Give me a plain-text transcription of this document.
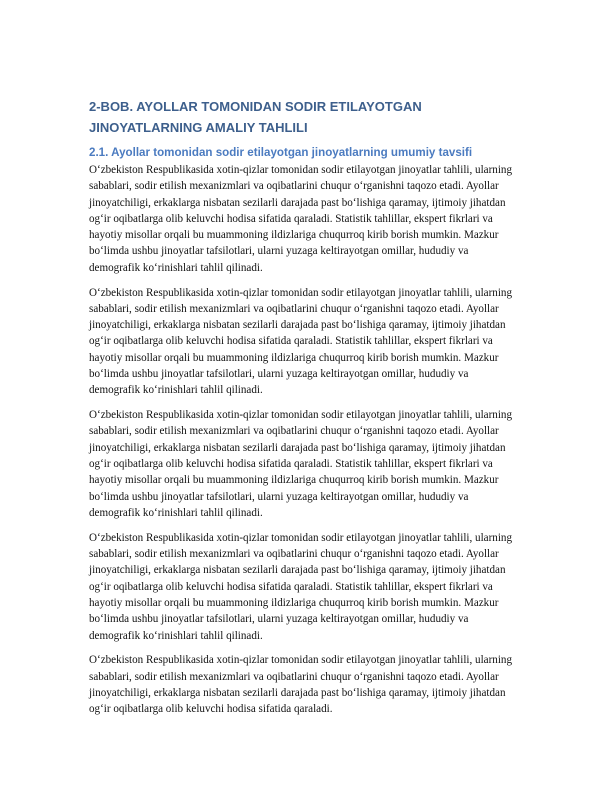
2-BOB. AYOLLAR TOMONIDAN SODIR ETILAYOTGAN JINOYATLARNING AMALIY TAHLILI
2.1. Ayollar tomonidan sodir etilayotgan jinoyatlarning umumiy tavsifi

O‘zbekiston Respublikasida xotin-qizlar tomonidan sodir etilayotgan jinoyatlar tahlili, ularning sabablari, sodir etilish mexanizmlari va oqibatlarini chuqur o‘rganishni taqozo etadi. Ayollar jinoyatchiligi, erkaklarga nisbatan sezilarli darajada past bo‘lishiga qaramay, ijtimoiy jihatdan og‘ir oqibatlarga olib keluvchi hodisa sifatida qaraladi. Statistik tahlillar, ekspert fikrlari va hayotiy misollar orqali bu muammoning ildizlariga chuqurroq kirib borish mumkin. Mazkur bo‘limda ushbu jinoyatlar tafsilotlari, ularni yuzaga keltirayotgan omillar, hududiy va demografik ko‘rinishlari tahlil qilinadi.

O‘zbekiston Respublikasida xotin-qizlar tomonidan sodir etilayotgan jinoyatlar tahlili, ularning sabablari, sodir etilish mexanizmlari va oqibatlarini chuqur o‘rganishni taqozo etadi. Ayollar jinoyatchiligi, erkaklarga nisbatan sezilarli darajada past bo‘lishiga qaramay, ijtimoiy jihatdan og‘ir oqibatlarga olib keluvchi hodisa sifatida qaraladi. Statistik tahlillar, ekspert fikrlari va hayotiy misollar orqali bu muammoning ildizlariga chuqurroq kirib borish mumkin. Mazkur bo‘limda ushbu jinoyatlar tafsilotlari, ularni yuzaga keltirayotgan omillar, hududiy va demografik ko‘rinishlari tahlil qilinadi.

O‘zbekiston Respublikasida xotin-qizlar tomonidan sodir etilayotgan jinoyatlar tahlili, ularning sabablari, sodir etilish mexanizmlari va oqibatlarini chuqur o‘rganishni taqozo etadi. Ayollar jinoyatchiligi, erkaklarga nisbatan sezilarli darajada past bo‘lishiga qaramay, ijtimoiy jihatdan og‘ir oqibatlarga olib keluvchi hodisa sifatida qaraladi. Statistik tahlillar, ekspert fikrlari va hayotiy misollar orqali bu muammoning ildizlariga chuqurroq kirib borish mumkin. Mazkur bo‘limda ushbu jinoyatlar tafsilotlari, ularni yuzaga keltirayotgan omillar, hududiy va demografik ko‘rinishlari tahlil qilinadi.

O‘zbekiston Respublikasida xotin-qizlar tomonidan sodir etilayotgan jinoyatlar tahlili, ularning sabablari, sodir etilish mexanizmlari va oqibatlarini chuqur o‘rganishni taqozo etadi. Ayollar jinoyatchiligi, erkaklarga nisbatan sezilarli darajada past bo‘lishiga qaramay, ijtimoiy jihatdan og‘ir oqibatlarga olib keluvchi hodisa sifatida qaraladi. Statistik tahlillar, ekspert fikrlari va hayotiy misollar orqali bu muammoning ildizlariga chuqurroq kirib borish mumkin. Mazkur bo‘limda ushbu jinoyatlar tafsilotlari, ularni yuzaga keltirayotgan omillar, hududiy va demografik ko‘rinishlari tahlil qilinadi.

O‘zbekiston Respublikasida xotin-qizlar tomonidan sodir etilayotgan jinoyatlar tahlili, ularning sabablari, sodir etilish mexanizmlari va oqibatlarini chuqur o‘rganishni taqozo etadi. Ayollar jinoyatchiligi, erkaklarga nisbatan sezilarli darajada past bo‘lishiga qaramay, ijtimoiy jihatdan og‘ir oqibatlarga olib keluvchi hodisa sifatida qaraladi.
